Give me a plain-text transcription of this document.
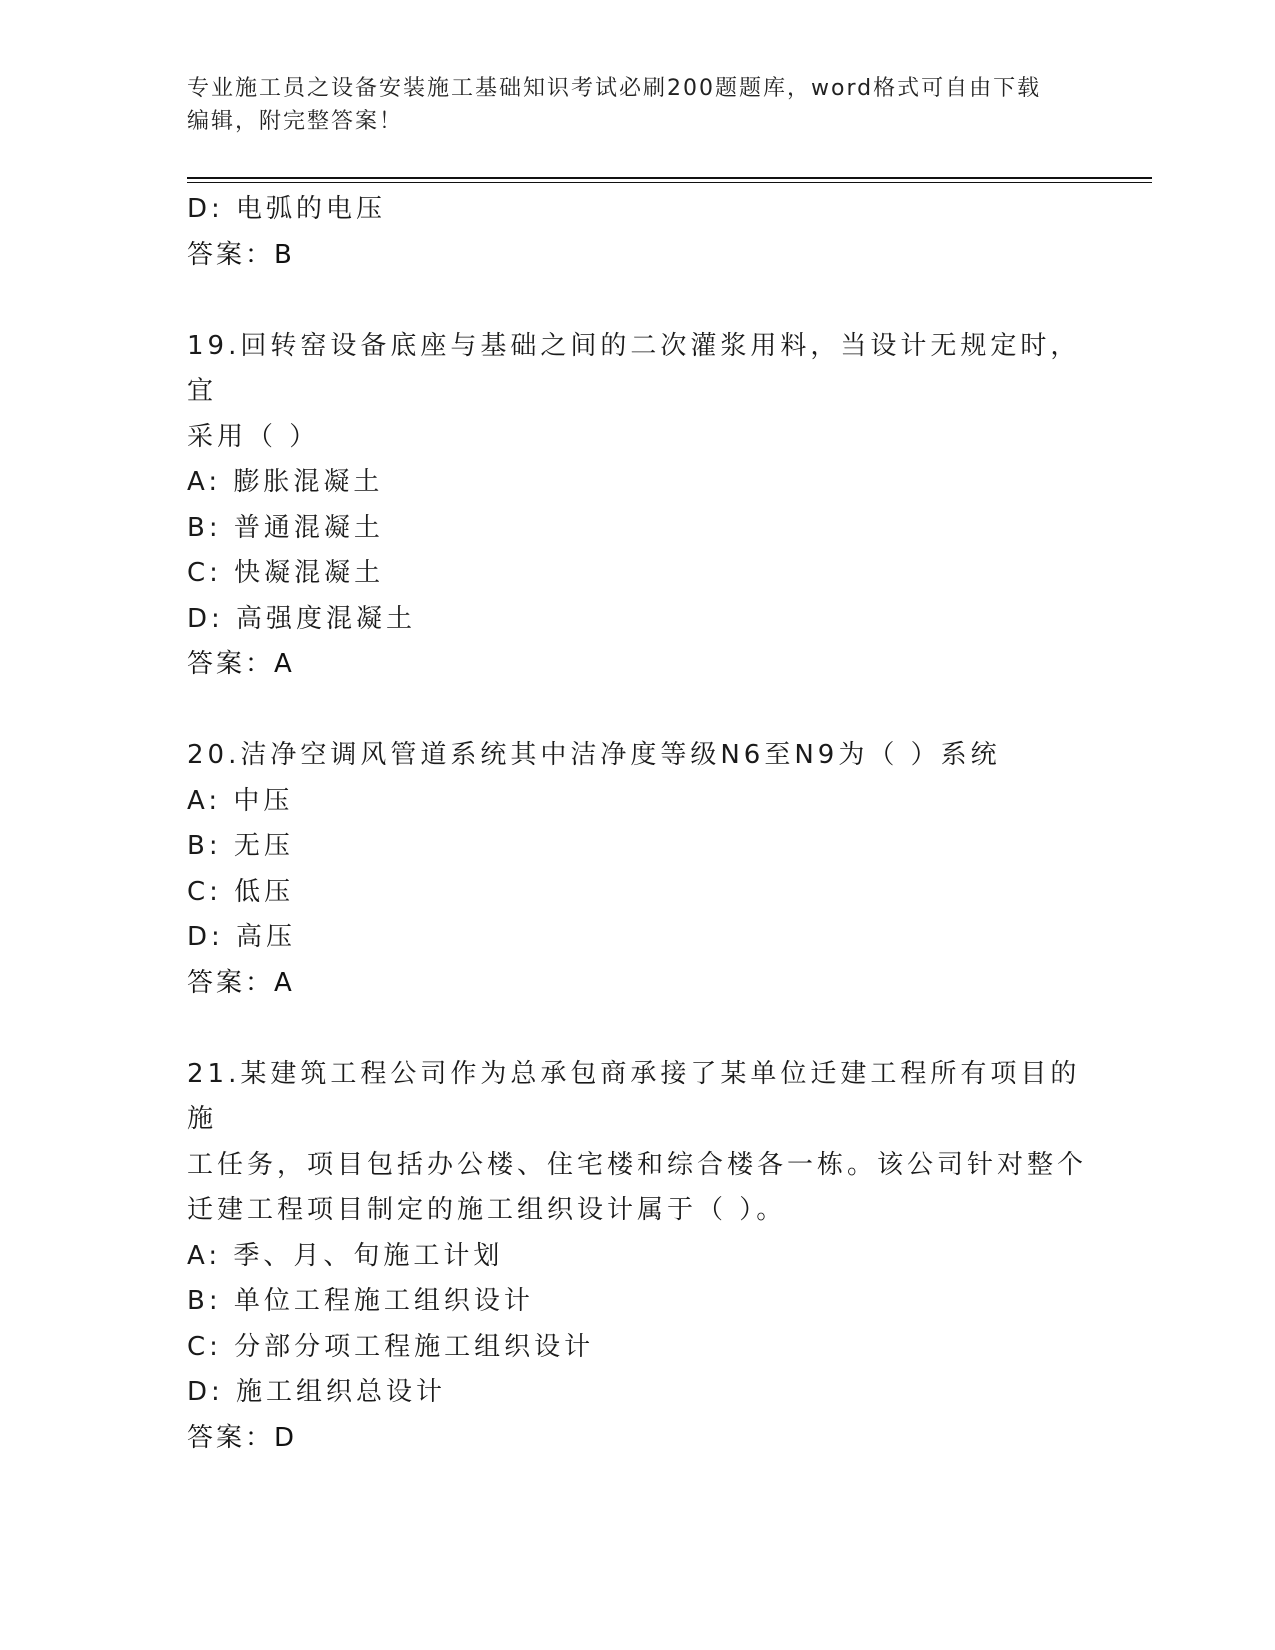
专业施工员之设备安装施工基础知识考试必刷200题题库，word格式可自由下载
编辑，附完整答案！
D: 电弧的电压
答案：B
19.回转窑设备底座与基础之间的二次灌浆用料，当设计无规定时，宜
采用（ ）
A: 膨胀混凝土
B: 普通混凝土
C: 快凝混凝土
D: 高强度混凝土
答案：A
20.洁净空调风管道系统其中洁净度等级N6至N9为（ ）系统
A: 中压
B: 无压
C: 低压
D: 高压
答案：A
21.某建筑工程公司作为总承包商承接了某单位迁建工程所有项目的施
工任务，项目包括办公楼、住宅楼和综合楼各一栋。该公司针对整个
迁建工程项目制定的施工组织设计属于（ ）。
A: 季、月、旬施工计划
B: 单位工程施工组织设计
C: 分部分项工程施工组织设计
D: 施工组织总设计
答案：D
